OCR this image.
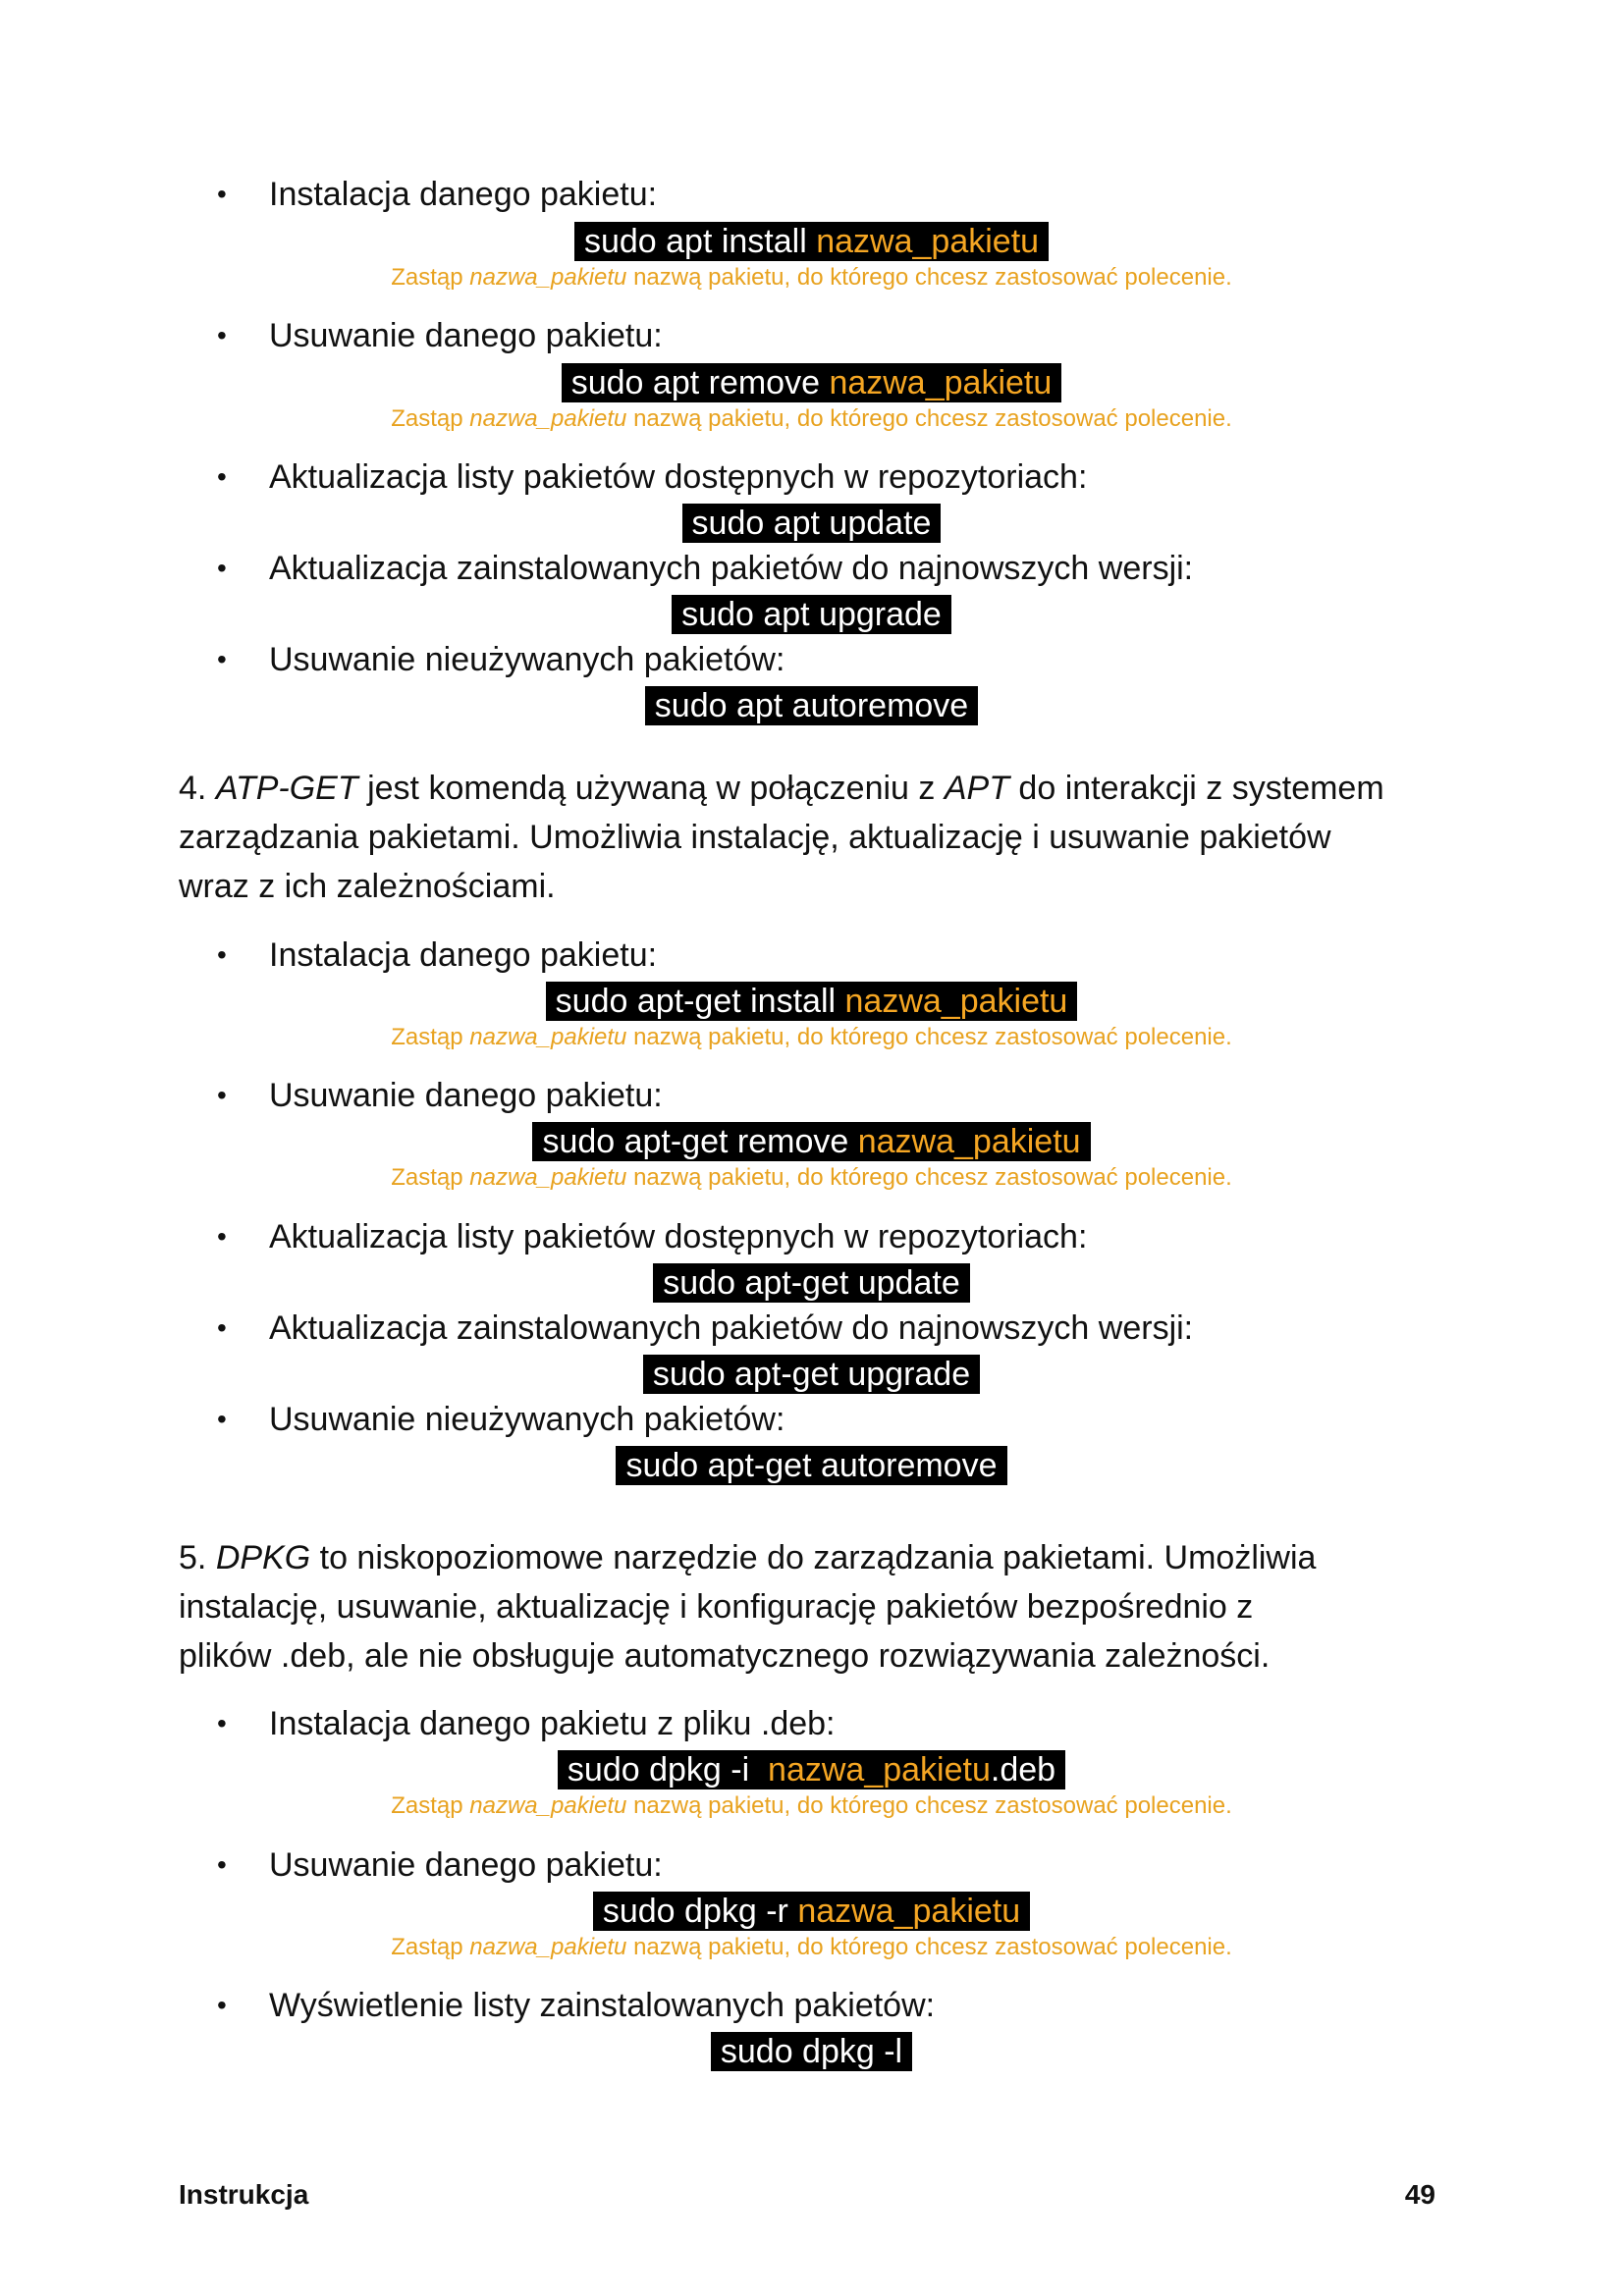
• Instalacja danego pakietu:
sudo apt install nazwa_pakietu
Zastąp nazwa_pakietu nazwą pakietu, do którego chcesz zastosować polecenie.
• Usuwanie danego pakietu:
sudo apt remove nazwa_pakietu
Zastąp nazwa_pakietu nazwą pakietu, do którego chcesz zastosować polecenie.
• Aktualizacja listy pakietów dostępnych w repozytoriach:
sudo apt update
• Aktualizacja zainstalowanych pakietów do najnowszych wersji:
sudo apt upgrade
• Usuwanie nieużywanych pakietów:
sudo apt autoremove
4. ATP-GET jest komendą używaną w połączeniu z APT do interakcji z systemem
zarządzania pakietami. Umożliwia instalację, aktualizację i usuwanie pakietów
wraz z ich zależnościami.
• Instalacja danego pakietu:
sudo apt-get install nazwa_pakietu
Zastąp nazwa_pakietu nazwą pakietu, do którego chcesz zastosować polecenie.
• Usuwanie danego pakietu:
sudo apt-get remove nazwa_pakietu
Zastąp nazwa_pakietu nazwą pakietu, do którego chcesz zastosować polecenie.
• Aktualizacja listy pakietów dostępnych w repozytoriach:
sudo apt-get update
• Aktualizacja zainstalowanych pakietów do najnowszych wersji:
sudo apt-get upgrade
• Usuwanie nieużywanych pakietów:
sudo apt-get autoremove
5. DPKG to niskopoziomowe narzędzie do zarządzania pakietami. Umożliwia
instalację, usuwanie, aktualizację i konfigurację pakietów bezpośrednio z
plików .deb, ale nie obsługuje automatycznego rozwiązywania zależności.
• Instalacja danego pakietu z pliku .deb:
sudo dpkg -i  nazwa_pakietu.deb
Zastąp nazwa_pakietu nazwą pakietu, do którego chcesz zastosować polecenie.
• Usuwanie danego pakietu:
sudo dpkg -r nazwa_pakietu
Zastąp nazwa_pakietu nazwą pakietu, do którego chcesz zastosować polecenie.
• Wyświetlenie listy zainstalowanych pakietów:
sudo dpkg -l
Instrukcja	49
